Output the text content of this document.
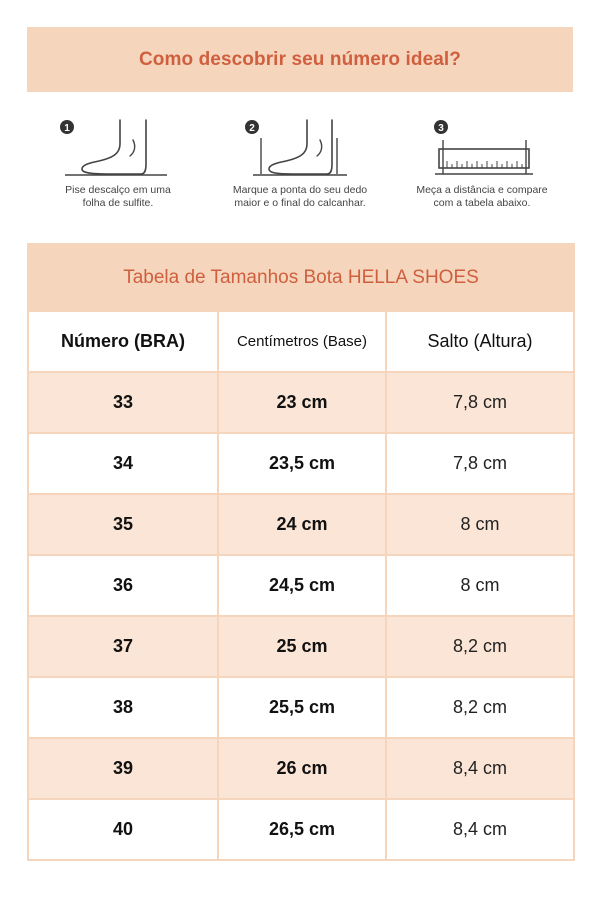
Como descobrir seu número ideal?
1
Pise descalço em uma
folha de sulfite.
2
Marque a ponta do seu dedo
maior e o final do calcanhar.
3
Meça a distância e compare
com a tabela abaixo.
Tabela de Tamanhos Bota HELLA SHOES		
Número (BRA)	Centímetros (Base)	Salto (Altura)
33	23 cm	7,8 cm
34	23,5 cm	7,8 cm
35	24 cm	8 cm
36	24,5 cm	8 cm
37	25 cm	8,2 cm
38	25,5 cm	8,2 cm
39	26 cm	8,4 cm
40	26,5 cm	8,4 cm
